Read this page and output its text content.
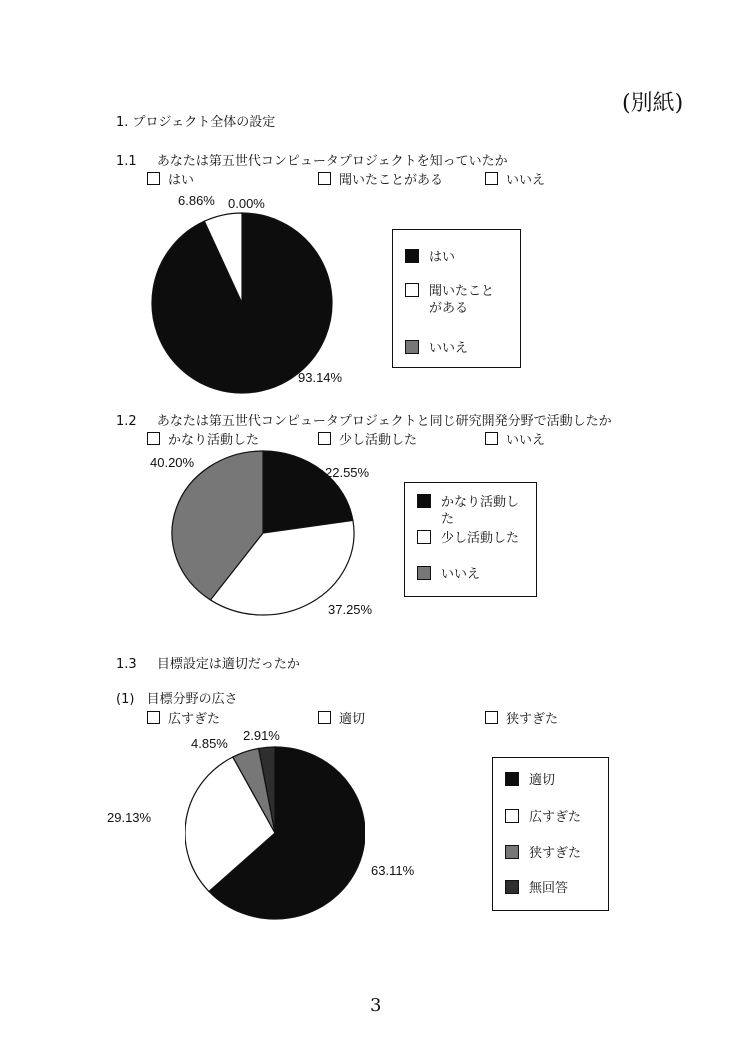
(別紙)
1. プロジェクト全体の設定
1.1 あなたは第五世代コンピュータプロジェクトを知っていたか
はい	聞いたことがある	いいえ
6.86% 0.00%
93.14%
はい
聞いたこと
がある
いいえ
1.2 あなたは第五世代コンピュータプロジェクトと同じ研究開発分野で活動したか
かなり活動した	少し活動した	いいえ
40.20%
22.55%
37.25%
かなり活動し
た
少し活動した
いいえ
1.3 目標設定は適切だったか
(1) 目標分野の広さ
広すぎた	適切	狭すぎた
4.85%
2.91%
29.13%
63.11%
適切
広すぎた
狭すぎた
無回答
3
